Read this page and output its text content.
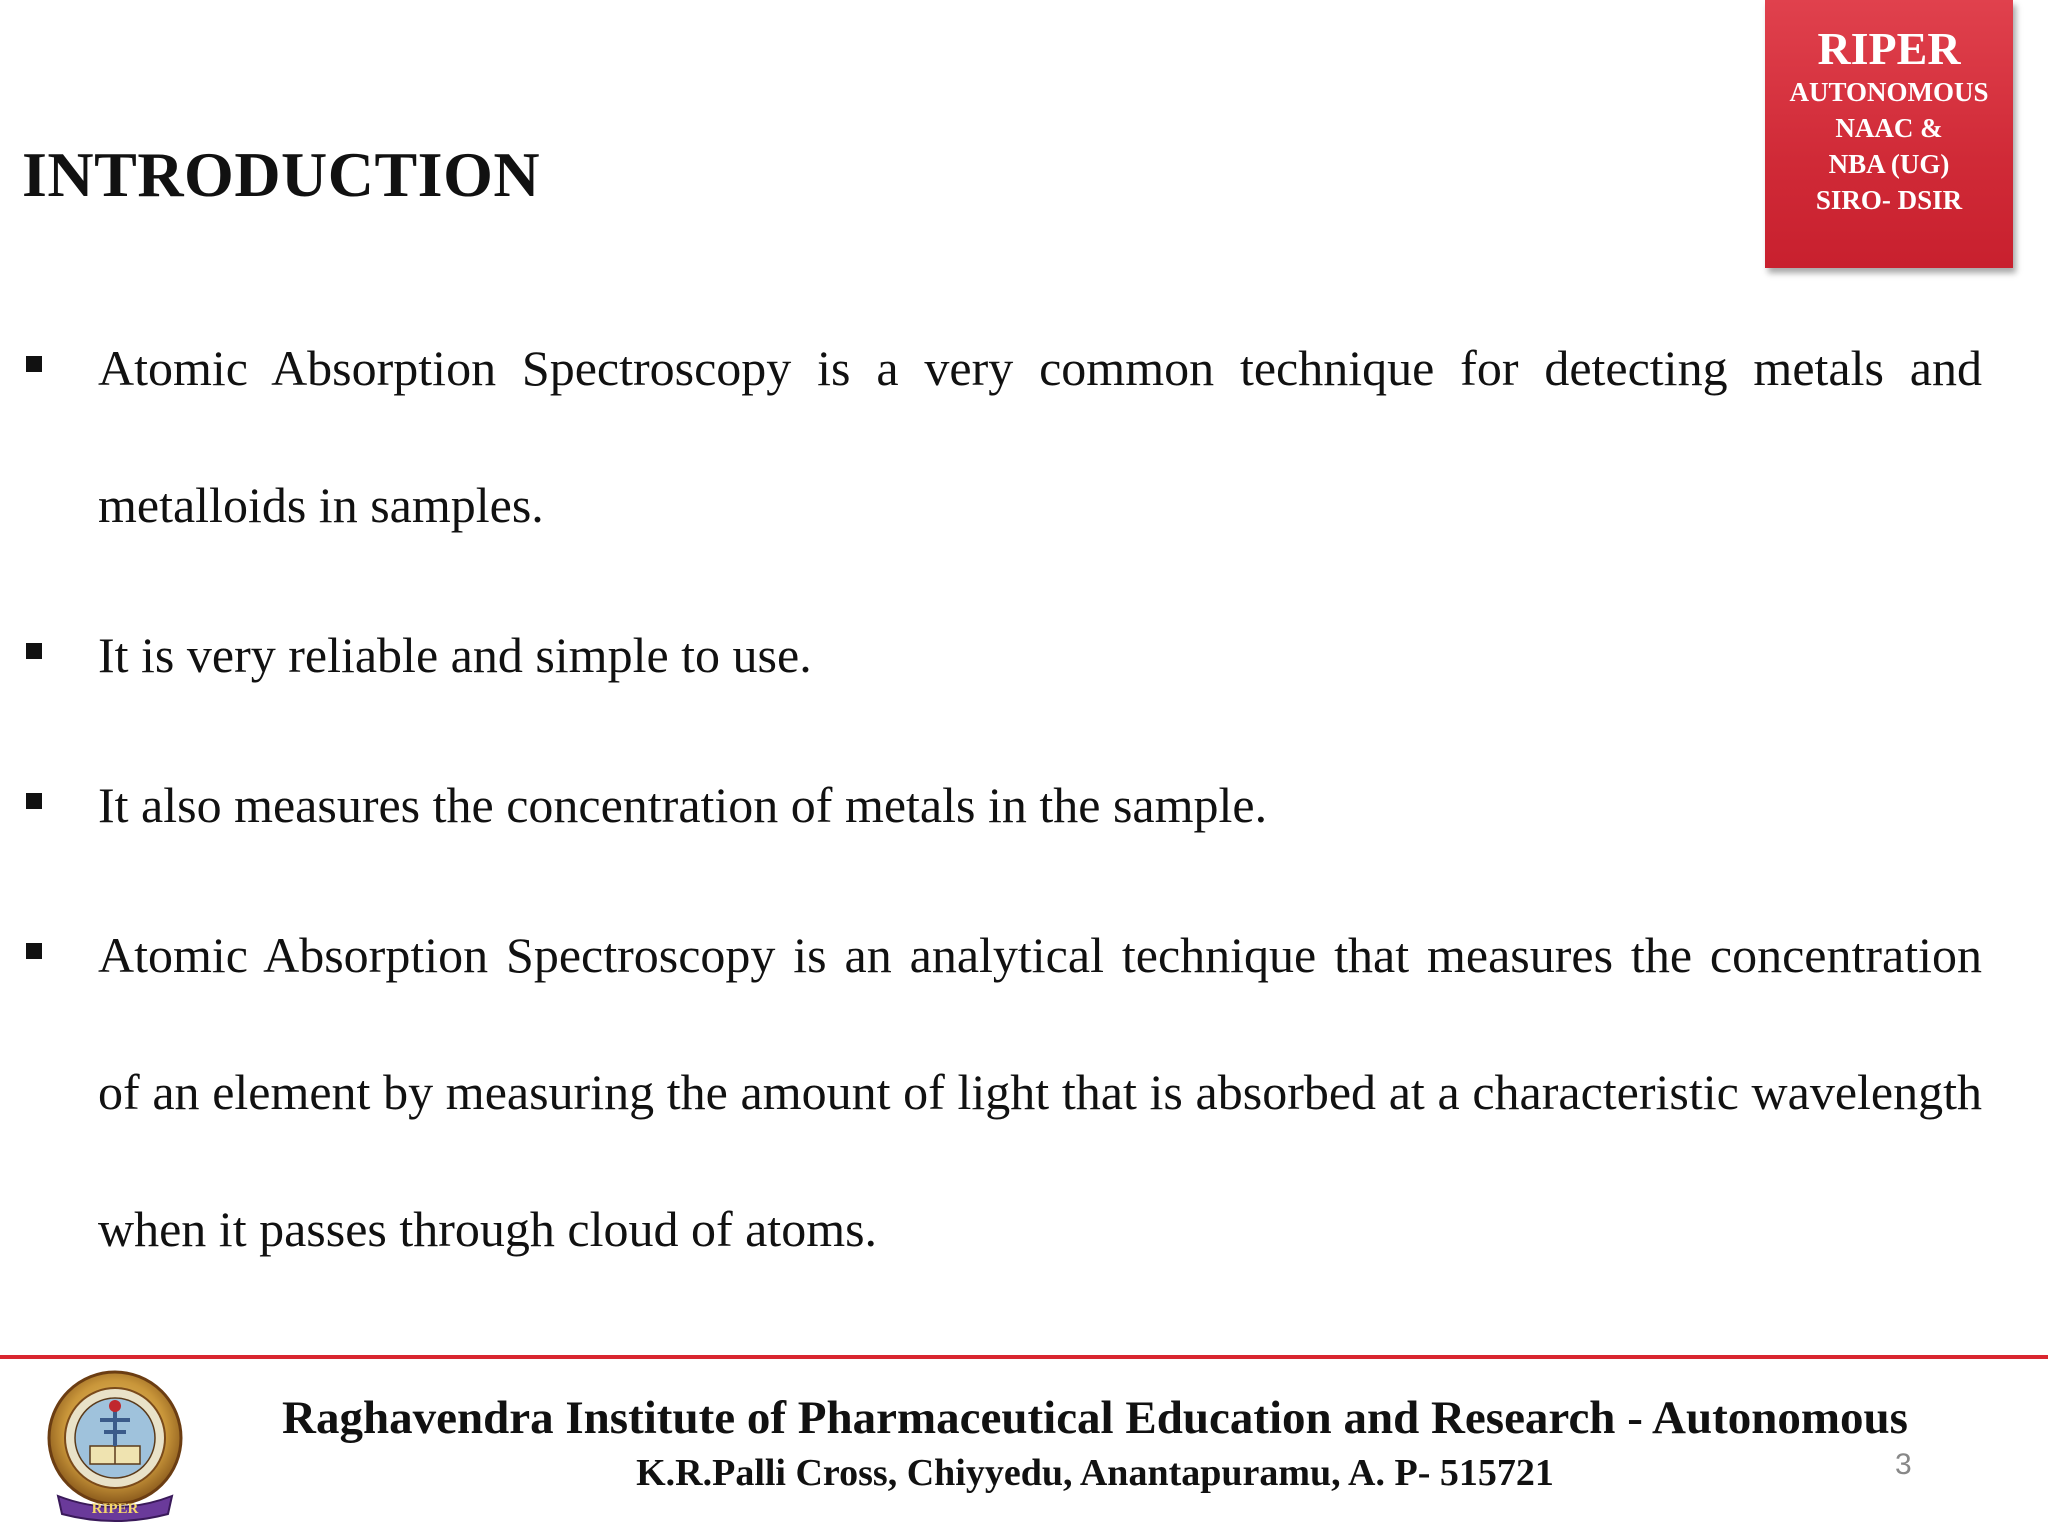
INTRODUCTION
RIPER
AUTONOMOUS
NAAC &
NBA (UG)
SIRO- DSIR
Atomic Absorption Spectroscopy is a very common technique for detecting metals and metalloids in samples.
It is very reliable and simple to use.
It also measures the concentration of metals in the sample.
Atomic Absorption Spectroscopy is an analytical technique that measures the concentration of an element by measuring the amount of light that is absorbed at a characteristic wavelength when it passes through cloud of atoms.
RIPER
Raghavendra Institute of Pharmaceutical Education and Research - Autonomous
K.R.Palli Cross, Chiyyedu, Anantapuramu, A. P- 515721	3
